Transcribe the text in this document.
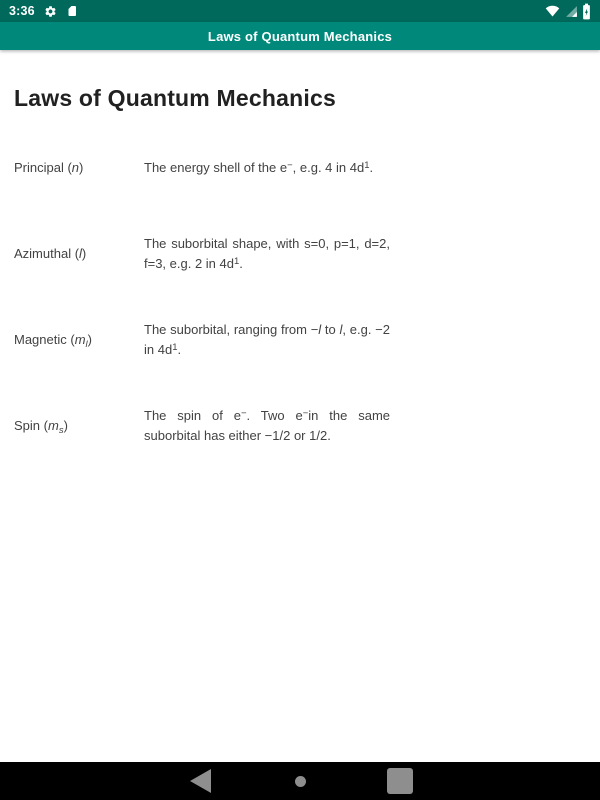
3:36
Laws of Quantum Mechanics
Laws of Quantum Mechanics
Principal (n)	The energy shell of the e−, e.g. 4 in $4d^1$.
Azimuthal (l)
The suborbital shape, with s=0, p=1, d=2, f=3, e.g. 2 in $4d^1$.
Magnetic $(m_l)$
The suborbital, ranging from −l to l, e.g. −2 in $4d^1$.
Spin $(m_s)$
The spin of e−. Two e−in the same suborbital has either −1/2 or 1/2.
